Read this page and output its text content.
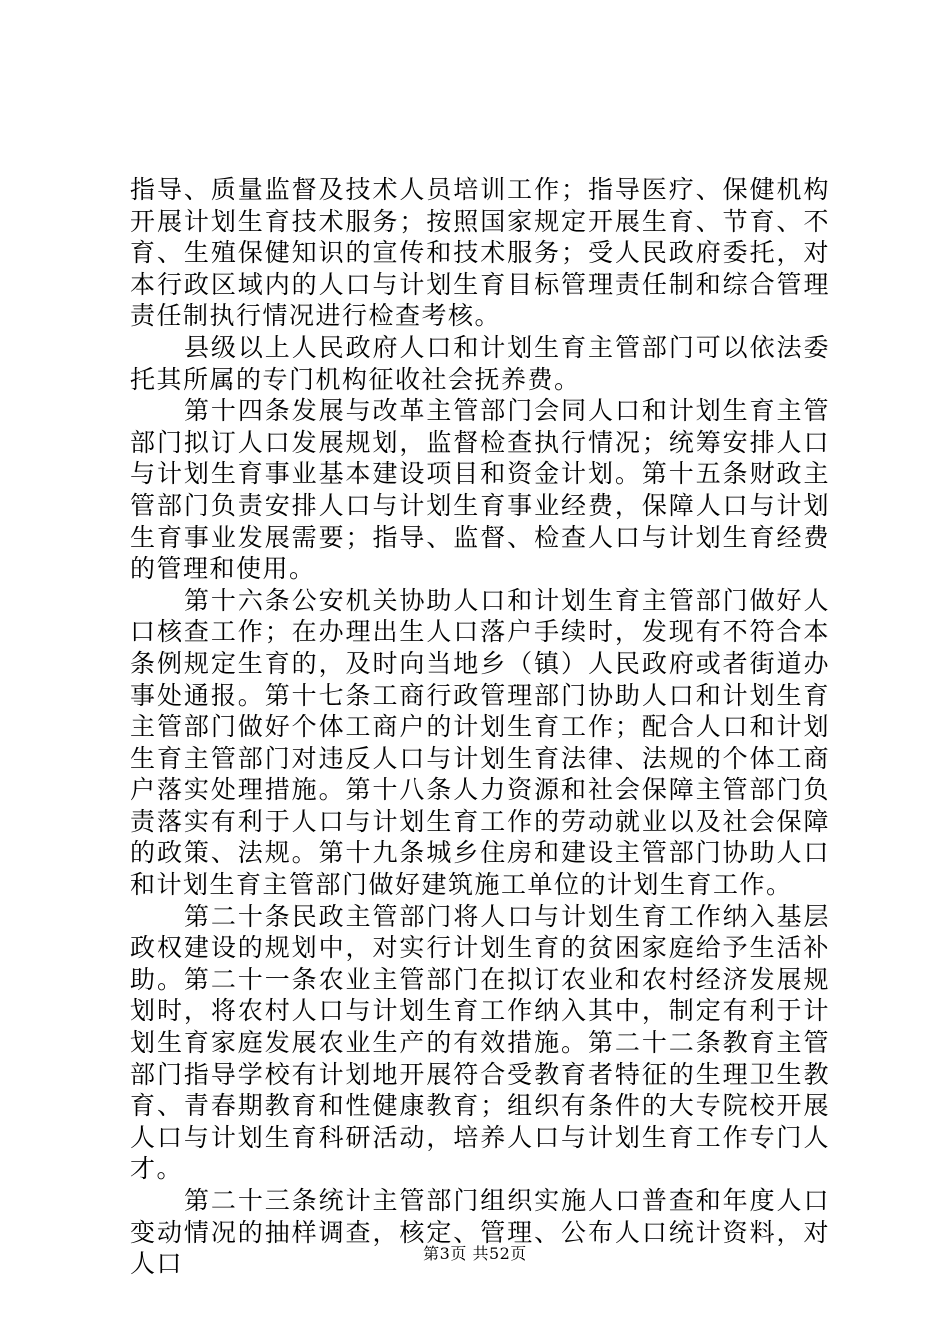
指导、质量监督及技术人员培训工作；指导医疗、保健机构开展计划生育技术服务；按照国家规定开展生育、节育、不育、生殖保健知识的宣传和技术服务；受人民政府委托，对本行政区域内的人口与计划生育目标管理责任制和综合管理责任制执行情况进行检查考核。

县级以上人民政府人口和计划生育主管部门可以依法委托其所属的专门机构征收社会抚养费。

第十四条发展与改革主管部门会同人口和计划生育主管部门拟订人口发展规划，监督检查执行情况；统筹安排人口与计划生育事业基本建设项目和资金计划。第十五条财政主管部门负责安排人口与计划生育事业经费，保障人口与计划生育事业发展需要；指导、监督、检查人口与计划生育经费的管理和使用。

第十六条公安机关协助人口和计划生育主管部门做好人口核查工作；在办理出生人口落户手续时，发现有不符合本条例规定生育的，及时向当地乡（镇）人民政府或者街道办事处通报。第十七条工商行政管理部门协助人口和计划生育主管部门做好个体工商户的计划生育工作；配合人口和计划生育主管部门对违反人口与计划生育法律、法规的个体工商户落实处理措施。第十八条人力资源和社会保障主管部门负责落实有利于人口与计划生育工作的劳动就业以及社会保障的政策、法规。第十九条城乡住房和建设主管部门协助人口和计划生育主管部门做好建筑施工单位的计划生育工作。

第二十条民政主管部门将人口与计划生育工作纳入基层政权建设的规划中，对实行计划生育的贫困家庭给予生活补助。第二十一条农业主管部门在拟订农业和农村经济发展规划时，将农村人口与计划生育工作纳入其中，制定有利于计划生育家庭发展农业生产的有效措施。第二十二条教育主管部门指导学校有计划地开展符合受教育者特征的生理卫生教育、青春期教育和性健康教育；组织有条件的大专院校开展人口与计划生育科研活动，培养人口与计划生育工作专门人才。

第二十三条统计主管部门组织实施人口普查和年度人口变动情况的抽样调查，核定、管理、公布人口统计资料，对人口	第3页 共52页
